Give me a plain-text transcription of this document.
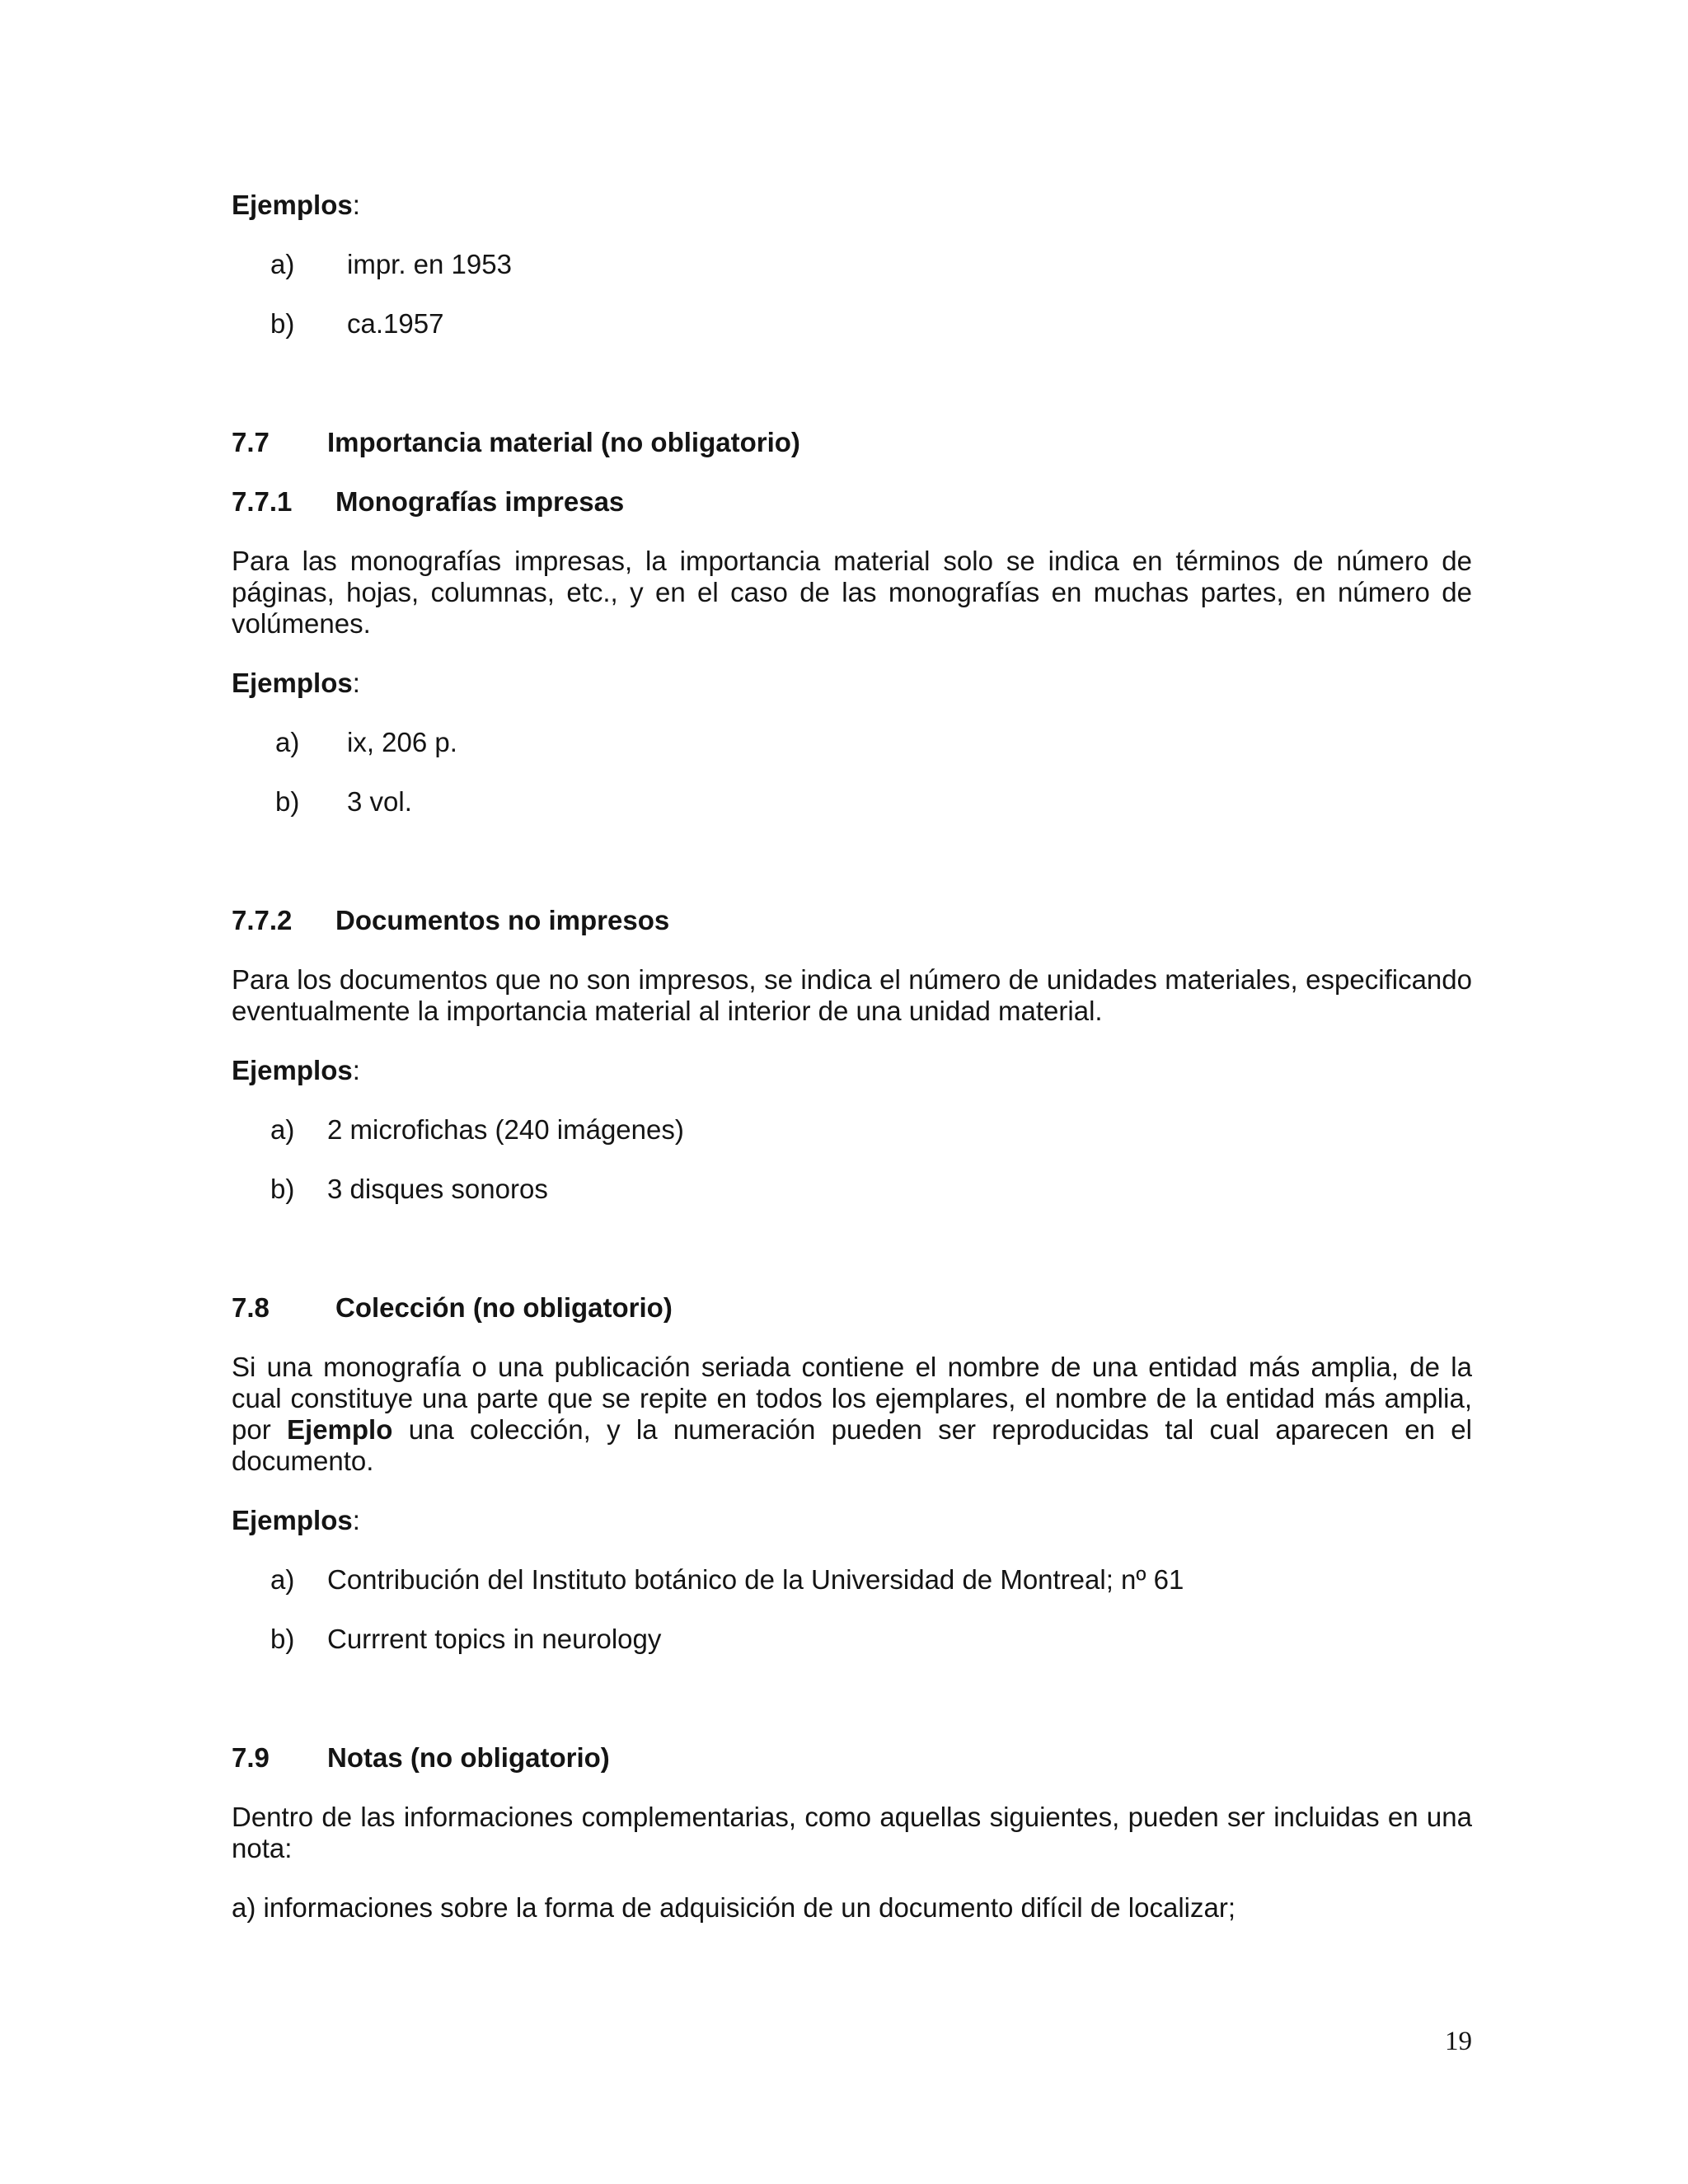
Ejemplos:

a) impr. en 1953
b) ca.1957
7.7 Importancia material (no obligatorio)
7.7.1 Monografías impresas

Para las monografías impresas, la importancia material solo se indica en términos de número de páginas, hojas, columnas, etc., y en el caso de las monografías en muchas partes, en número de volúmenes.

Ejemplos:

a) ix, 206 p.
b) 3 vol.
7.7.2 Documentos no impresos

Para los documentos que no son impresos, se indica el número de unidades materiales, especificando eventualmente la importancia material al interior de una unidad material.

Ejemplos:

a) 2 microfichas (240 imágenes)
b) 3 disques sonoros
7.8 Colección (no obligatorio)

Si una monografía o una publicación seriada contiene el nombre de una entidad más amplia, de la cual constituye una parte que se repite en todos los ejemplares, el nombre de la entidad más amplia, por Ejemplo una colección, y la numeración pueden ser reproducidas tal cual aparecen en el documento.

Ejemplos:

a) Contribución del Instituto botánico de la Universidad de Montreal; nº 61
b) Currrent topics in neurology
7.9 Notas (no obligatorio)

Dentro de las informaciones complementarias, como aquellas siguientes, pueden ser incluidas en una nota:

a) informaciones sobre la forma de adquisición de un documento difícil de localizar;

19
